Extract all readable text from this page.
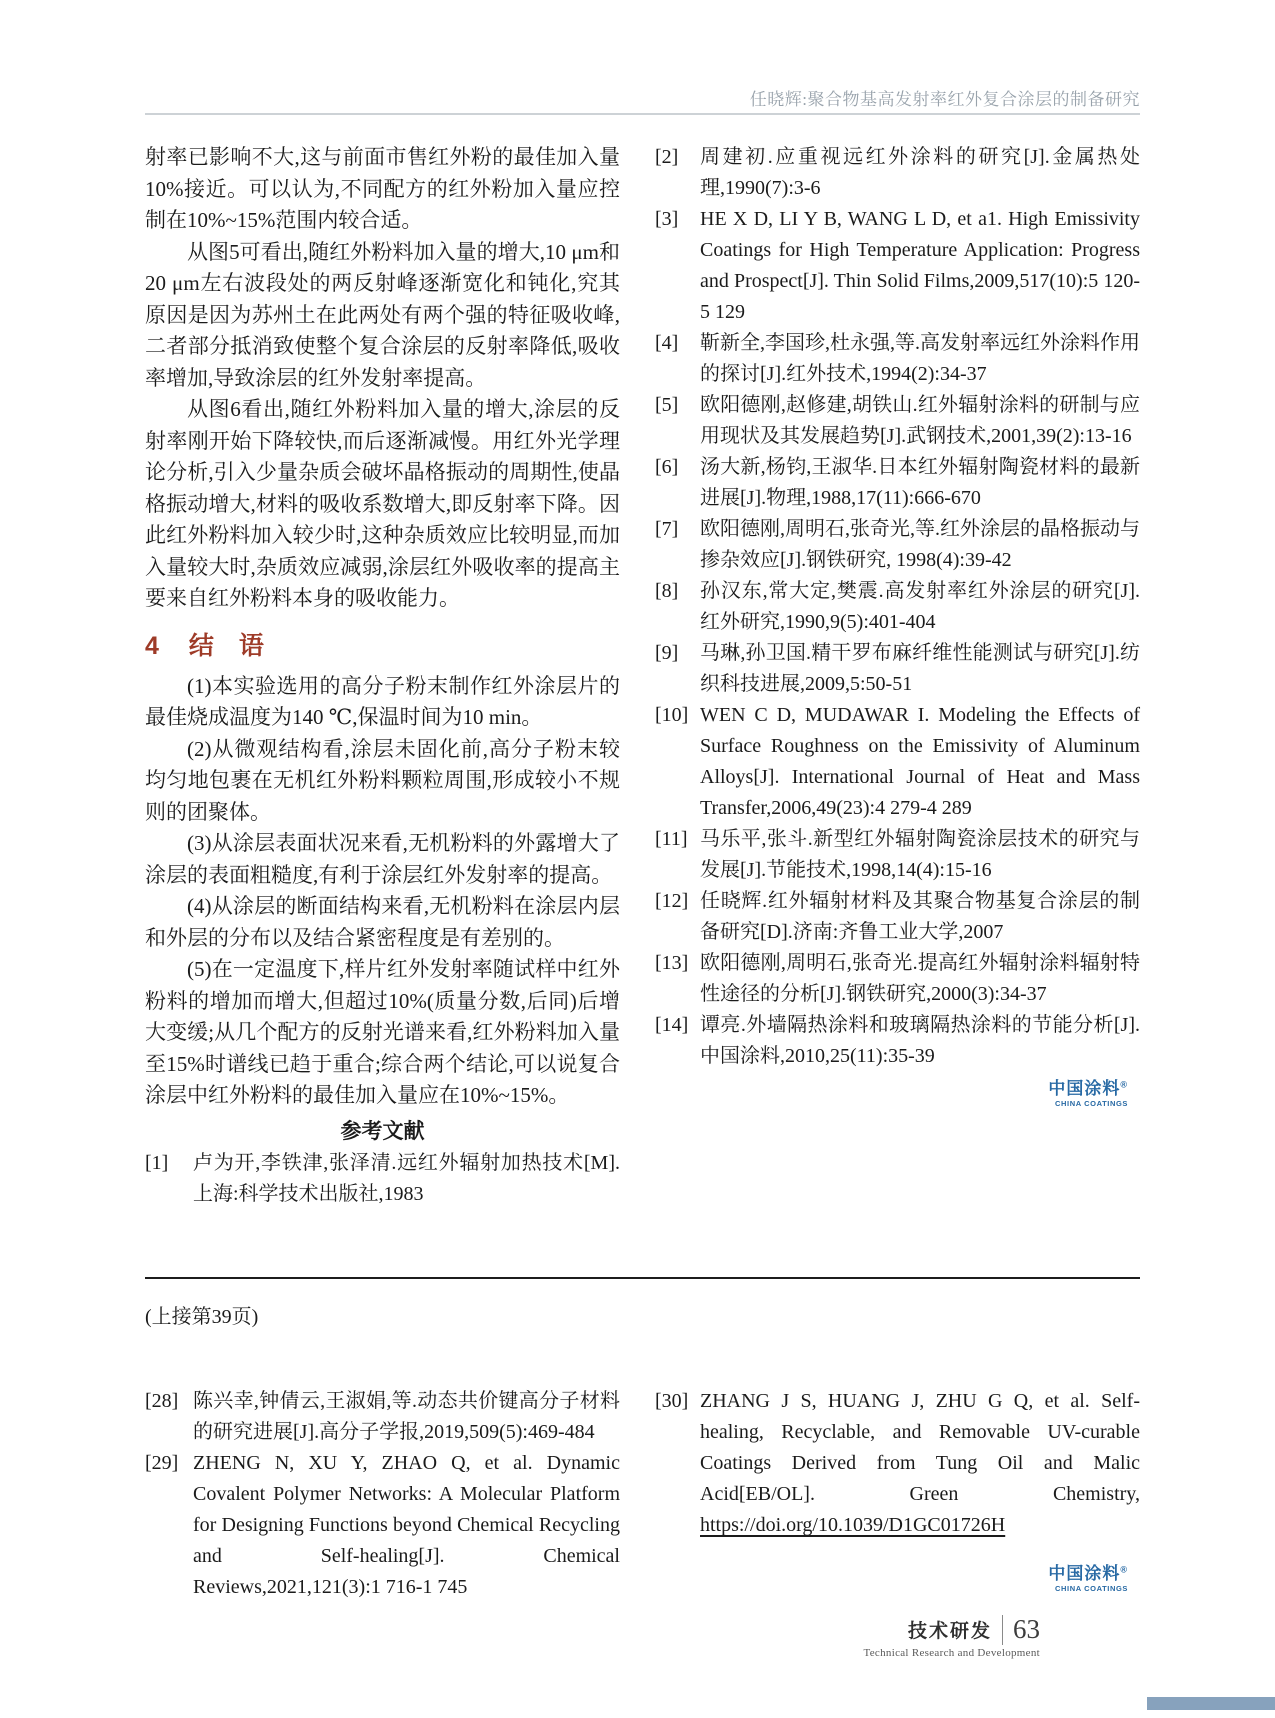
任晓辉:聚合物基高发射率红外复合涂层的制备研究

射率已影响不大,这与前面市售红外粉的最佳加入量10%接近。可以认为,不同配方的红外粉加入量应控制在10%~15%范围内较合适。

从图5可看出,随红外粉料加入量的增大,10 μm和20 μm左右波段处的两反射峰逐渐宽化和钝化,究其原因是因为苏州土在此两处有两个强的特征吸收峰,二者部分抵消致使整个复合涂层的反射率降低,吸收率增加,导致涂层的红外发射率提高。

从图6看出,随红外粉料加入量的增大,涂层的反射率刚开始下降较快,而后逐渐减慢。用红外光学理论分析,引入少量杂质会破坏晶格振动的周期性,使晶格振动增大,材料的吸收系数增大,即反射率下降。因此红外粉料加入较少时,这种杂质效应比较明显,而加入量较大时,杂质效应减弱,涂层红外吸收率的提高主要来自红外粉料本身的吸收能力。

4 结　语

(1)本实验选用的高分子粉末制作红外涂层片的最佳烧成温度为140 ℃,保温时间为10 min。

(2)从微观结构看,涂层未固化前,高分子粉末较均匀地包裹在无机红外粉料颗粒周围,形成较小不规则的团聚体。

(3)从涂层表面状况来看,无机粉料的外露增大了涂层的表面粗糙度,有利于涂层红外发射率的提高。

(4)从涂层的断面结构来看,无机粉料在涂层内层和外层的分布以及结合紧密程度是有差别的。

(5)在一定温度下,样片红外发射率随试样中红外粉料的增加而增大,但超过10%(质量分数,后同)后增大变缓;从几个配方的反射光谱来看,红外粉料加入量至15%时谱线已趋于重合;综合两个结论,可以说复合涂层中红外粉料的最佳加入量应在10%~15%。

参考文献
[1] 卢为开,李铁津,张泽清.远红外辐射加热技术[M].上海:科学技术出版社,1983
[2] 周建初.应重视远红外涂料的研究[J].金属热处理,1990(7):3-6
[3] HE X D, LI Y B, WANG L D, et a1. High Emissivity Coatings for High Temperature Application: Progress and Prospect[J]. Thin Solid Films,2009,517(10):5 120-5 129
[4] 靳新全,李国珍,杜永强,等.高发射率远红外涂料作用的探讨[J].红外技术,1994(2):34-37
[5] 欧阳德刚,赵修建,胡铁山.红外辐射涂料的研制与应用现状及其发展趋势[J].武钢技术,2001,39(2):13-16
[6] 汤大新,杨钧,王淑华.日本红外辐射陶瓷材料的最新进展[J].物理,1988,17(11):666-670
[7] 欧阳德刚,周明石,张奇光,等.红外涂层的晶格振动与掺杂效应[J].钢铁研究, 1998(4):39-42
[8] 孙汉东,常大定,樊震.高发射率红外涂层的研究[J].红外研究,1990,9(5):401-404
[9] 马琳,孙卫国.精干罗布麻纤维性能测试与研究[J].纺织科技进展,2009,5:50-51
[10] WEN C D, MUDAWAR I. Modeling the Effects of Surface Roughness on the Emissivity of Aluminum Alloys[J]. International Journal of Heat and Mass Transfer,2006,49(23):4 279-4 289
[11] 马乐平,张斗.新型红外辐射陶瓷涂层技术的研究与发展[J].节能技术,1998,14(4):15-16
[12] 任晓辉.红外辐射材料及其聚合物基复合涂层的制备研究[D].济南:齐鲁工业大学,2007
[13] 欧阳德刚,周明石,张奇光.提高红外辐射涂料辐射特性途径的分析[J].钢铁研究,2000(3):34-37
[14] 谭亮.外墙隔热涂料和玻璃隔热涂料的节能分析[J].中国涂料,2010,25(11):35-39
中国涂料®
CHINA COATINGS
(上接第39页)
[28] 陈兴幸,钟倩云,王淑娟,等.动态共价键高分子材料的研究进展[J].高分子学报,2019,509(5):469-484
[29] ZHENG N, XU Y, ZHAO Q, et al. Dynamic Covalent Polymer Networks: A Molecular Platform for Designing Functions beyond Chemical Recycling and Self-healing[J]. Chemical Reviews,2021,121(3):1 716-1 745
[30] ZHANG J S, HUANG J, ZHU G Q, et al. Self-healing, Recyclable, and Removable UV-curable Coatings Derived from Tung Oil and Malic Acid[EB/OL]. Green Chemistry, https://doi.org/10.1039/D1GC01726H
中国涂料®
CHINA COATINGS
技术研发 63
Technical Research and Development
